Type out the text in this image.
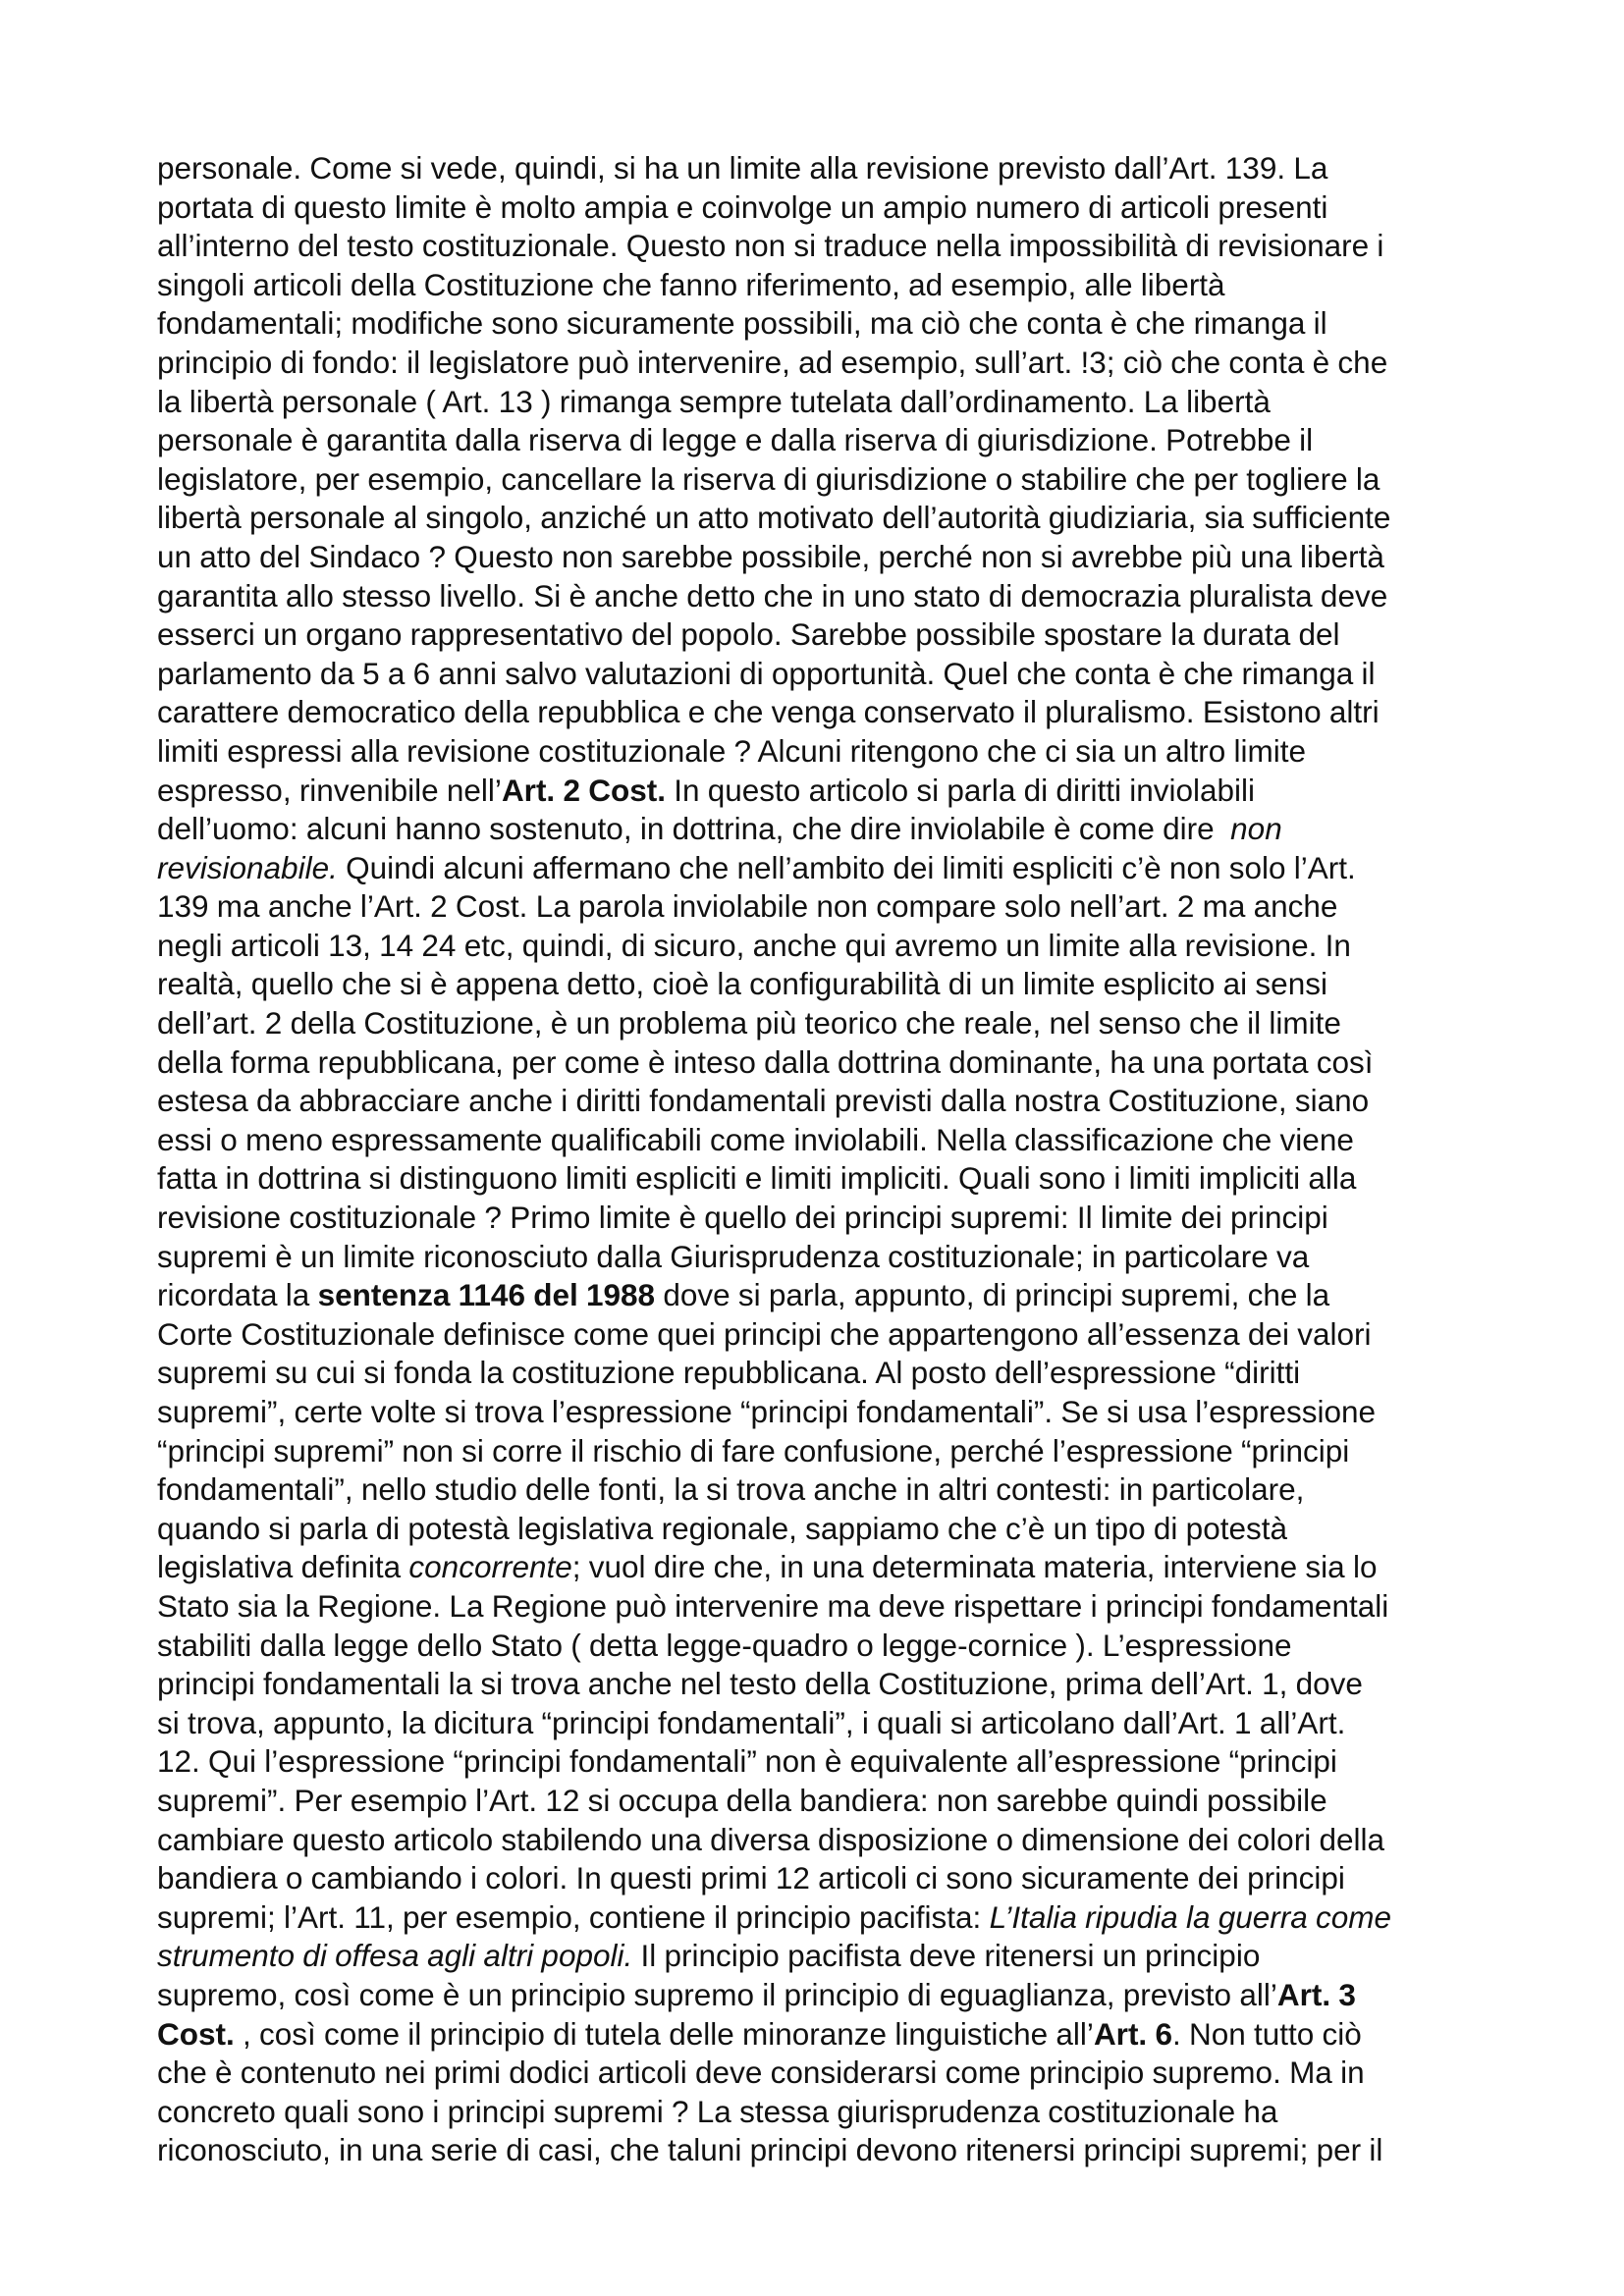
personale. Come si vede, quindi, si ha un limite alla revisione previsto dall’Art. 139. La
portata di questo limite è molto ampia e coinvolge un ampio numero di articoli presenti
all’interno del testo costituzionale. Questo non si traduce nella impossibilità di revisionare i
singoli articoli della Costituzione che fanno riferimento, ad esempio, alle libertà
fondamentali; modifiche sono sicuramente possibili, ma ciò che conta è che rimanga il
principio di fondo: il legislatore può intervenire, ad esempio, sull’art. !3; ciò che conta è che
la libertà personale ( Art. 13 ) rimanga sempre tutelata dall’ordinamento. La libertà
personale è garantita dalla riserva di legge e dalla riserva di giurisdizione. Potrebbe il
legislatore, per esempio, cancellare la riserva di giurisdizione o stabilire che per togliere la
libertà personale al singolo, anziché un atto motivato dell’autorità giudiziaria, sia sufficiente
un atto del Sindaco ? Questo non sarebbe possibile, perché non si avrebbe più una libertà
garantita allo stesso livello. Si è anche detto che in uno stato di democrazia pluralista deve
esserci un organo rappresentativo del popolo. Sarebbe possibile spostare la durata del
parlamento da 5 a 6 anni salvo valutazioni di opportunità. Quel che conta è che rimanga il
carattere democratico della repubblica e che venga conservato il pluralismo. Esistono altri
limiti espressi alla revisione costituzionale ? Alcuni ritengono che ci sia un altro limite
espresso, rinvenibile nell’Art. 2 Cost. In questo articolo si parla di diritti inviolabili
dell’uomo: alcuni hanno sostenuto, in dottrina, che dire inviolabile è come dire  non
revisionabile. Quindi alcuni affermano che nell’ambito dei limiti espliciti c’è non solo l’Art.
139 ma anche l’Art. 2 Cost. La parola inviolabile non compare solo nell’art. 2 ma anche
negli articoli 13, 14 24 etc, quindi, di sicuro, anche qui avremo un limite alla revisione. In
realtà, quello che si è appena detto, cioè la configurabilità di un limite esplicito ai sensi
dell’art. 2 della Costituzione, è un problema più teorico che reale, nel senso che il limite
della forma repubblicana, per come è inteso dalla dottrina dominante, ha una portata così
estesa da abbracciare anche i diritti fondamentali previsti dalla nostra Costituzione, siano
essi o meno espressamente qualificabili come inviolabili. Nella classificazione che viene
fatta in dottrina si distinguono limiti espliciti e limiti impliciti. Quali sono i limiti impliciti alla
revisione costituzionale ? Primo limite è quello dei principi supremi: Il limite dei principi
supremi è un limite riconosciuto dalla Giurisprudenza costituzionale; in particolare va
ricordata la sentenza 1146 del 1988 dove si parla, appunto, di principi supremi, che la
Corte Costituzionale definisce come quei principi che appartengono all’essenza dei valori
supremi su cui si fonda la costituzione repubblicana. Al posto dell’espressione “diritti
supremi”, certe volte si trova l’espressione “principi fondamentali”. Se si usa l’espressione
“principi supremi” non si corre il rischio di fare confusione, perché l’espressione “principi
fondamentali”, nello studio delle fonti, la si trova anche in altri contesti: in particolare,
quando si parla di potestà legislativa regionale, sappiamo che c’è un tipo di potestà
legislativa definita concorrente; vuol dire che, in una determinata materia, interviene sia lo
Stato sia la Regione. La Regione può intervenire ma deve rispettare i principi fondamentali
stabiliti dalla legge dello Stato ( detta legge-quadro o legge-cornice ). L’espressione
principi fondamentali la si trova anche nel testo della Costituzione, prima dell’Art. 1, dove
si trova, appunto, la dicitura “principi fondamentali”, i quali si articolano dall’Art. 1 all’Art.
12. Qui l’espressione “principi fondamentali” non è equivalente all’espressione “principi
supremi”. Per esempio l’Art. 12 si occupa della bandiera: non sarebbe quindi possibile
cambiare questo articolo stabilendo una diversa disposizione o dimensione dei colori della
bandiera o cambiando i colori. In questi primi 12 articoli ci sono sicuramente dei principi
supremi; l’Art. 11, per esempio, contiene il principio pacifista: L’Italia ripudia la guerra come
strumento di offesa agli altri popoli. Il principio pacifista deve ritenersi un principio
supremo, così come è un principio supremo il principio di eguaglianza, previsto all’Art. 3
Cost. , così come il principio di tutela delle minoranze linguistiche all’Art. 6. Non tutto ciò
che è contenuto nei primi dodici articoli deve considerarsi come principio supremo. Ma in
concreto quali sono i principi supremi ? La stessa giurisprudenza costituzionale ha
riconosciuto, in una serie di casi, che taluni principi devono ritenersi principi supremi; per il
